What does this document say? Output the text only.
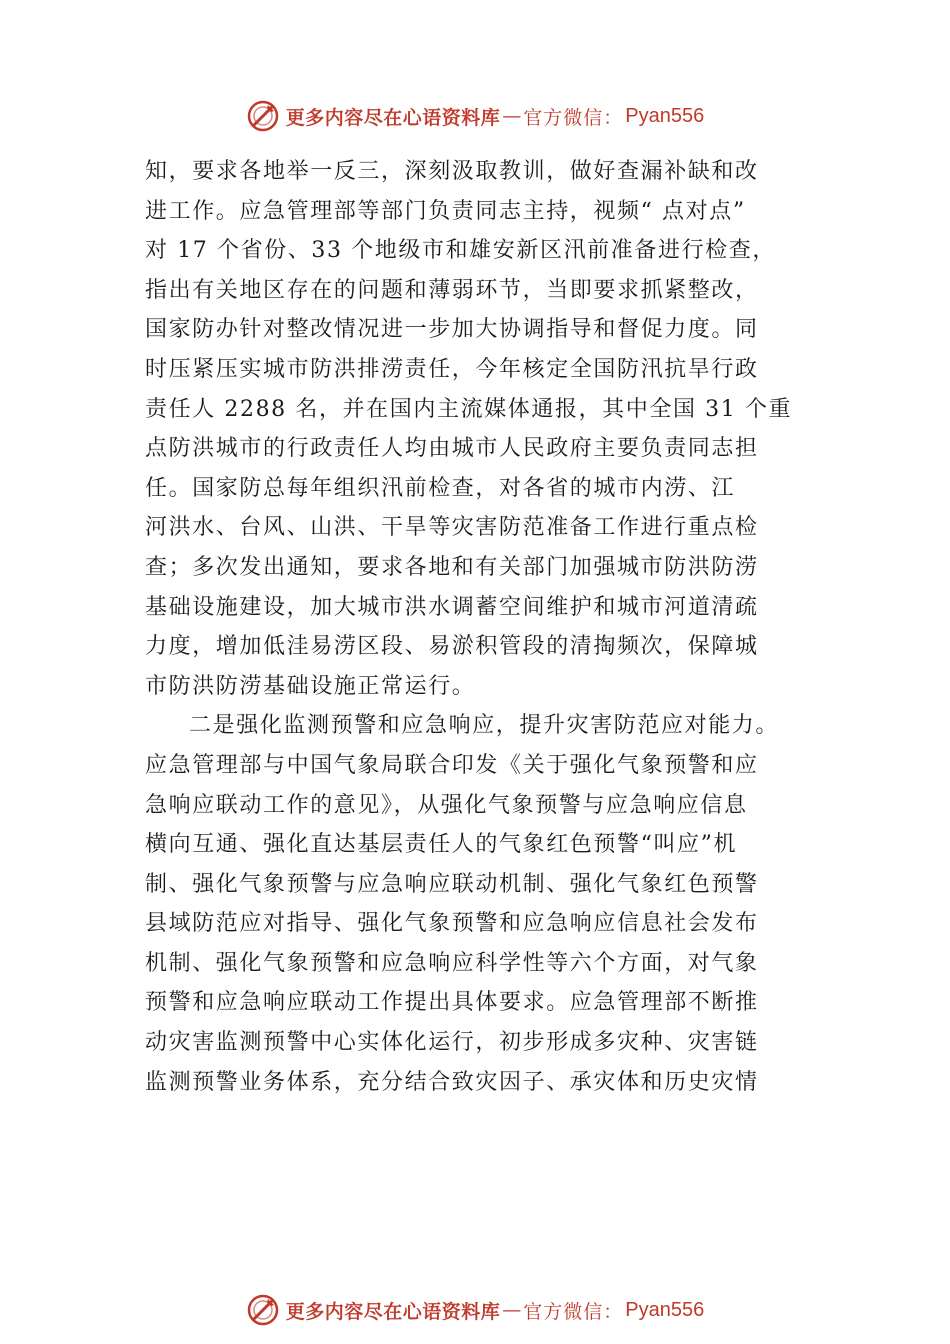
更多内容尽在心语资料库 — 官方微信： Pyan556
知，要求各地举一反三，深刻汲取教训，做好查漏补缺和改
进工作。应急管理部等部门负责同志主持，视频“ 点对点”
对 17 个省份、33 个地级市和雄安新区汛前准备进行检查，
指出有关地区存在的问题和薄弱环节，当即要求抓紧整改，
国家防办针对整改情况进一步加大协调指导和督促力度。同
时压紧压实城市防洪排涝责任，今年核定全国防汛抗旱行政
责任人 2288 名，并在国内主流媒体通报，其中全国 31 个重
点防洪城市的行政责任人均由城市人民政府主要负责同志担
任。国家防总每年组织汛前检查，对各省的城市内涝、江
河洪水、台风、山洪、干旱等灾害防范准备工作进行重点检
查；多次发出通知，要求各地和有关部门加强城市防洪防涝
基础设施建设，加大城市洪水调蓄空间维护和城市河道清疏
力度，增加低洼易涝区段、易淤积管段的清掏频次，保障城
市防洪防涝基础设施正常运行。
二是强化监测预警和应急响应，提升灾害防范应对能力。
应急管理部与中国气象局联合印发《关于强化气象预警和应
急响应联动工作的意见》，从强化气象预警与应急响应信息
横向互通、强化直达基层责任人的气象红色预警“叫应”机
制、强化气象预警与应急响应联动机制、强化气象红色预警
县域防范应对指导、强化气象预警和应急响应信息社会发布
机制、强化气象预警和应急响应科学性等六个方面，对气象
预警和应急响应联动工作提出具体要求。应急管理部不断推
动灾害监测预警中心实体化运行，初步形成多灾种、灾害链
监测预警业务体系，充分结合致灾因子、承灾体和历史灾情
更多内容尽在心语资料库 — 官方微信： Pyan556
